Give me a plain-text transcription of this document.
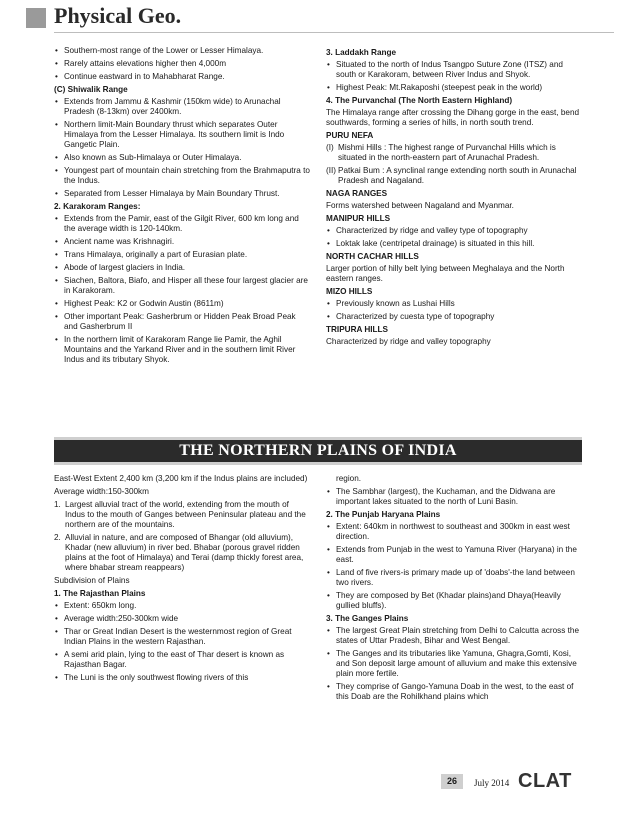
Physical Geo.
• Southern-most range of the Lower or Lesser Himalaya.
• Rarely attains elevations higher then 4,000m
• Continue eastward in to Mahabharat Range.
(C) Shiwalik Range
• Extends from Jammu & Kashmir (150km wide) to Arunachal Pradesh (8-13km) over 2400km.
• Northern limit-Main Boundary thrust which separates Outer Himalaya from the Lesser Himalaya. Its southern limit is Indo Gangetic Plain.
• Also known as Sub-Himalaya or Outer Himalaya.
• Youngest part of mountain chain stretching from the Brahmaputra to the Indus.
• Separated from Lesser Himalaya by Main Boundary Thrust.
2. Karakoram Ranges:
• Extends from the Pamir, east of the Gilgit River, 600 km long and the average width is 120-140km.
• Ancient name was Krishnagiri.
• Trans Himalaya, originally a part of Eurasian plate.
• Abode of largest glaciers in India.
• Siachen, Baltora, Biafo, and Hisper all these four largest glacier are in Karakoram.
• Highest Peak: K2 or Godwin Austin (8611m)
• Other important Peak: Gasherbrum or Hidden Peak Broad Peak and Gasherbrum II
• In the northern limit of Karakoram Range lie Pamir, the Aghil Mountains and the Yarkand River and in the southern limit River Indus and its tributary Shyok.
3. Laddakh Range
• Situated to the north of Indus Tsangpo Suture Zone (ITSZ) and south or Karakoram, between River Indus and Shyok.
• Highest Peak: Mt.Rakaposhi (steepest peak in the world)
4. The Purvanchal (The North Eastern Highland)
The Himalaya range after crossing the Dihang gorge in the east, bend southwards, forming a series of hills, in north south trend.
PURU NEFA
(I) Mishmi Hills : The highest range of Purvanchal Hills which is situated in the north-eastern part of Arunachal Pradesh.
(II) Patkai Bum : A synclinal range extending north south in Arunachal Pradesh and Nagaland.
NAGA RANGES
Forms watershed between Nagaland and Myanmar.
MANIPUR HILLS
• Characterized by ridge and valley type of topography
• Loktak lake (centripetal drainage) is situated in this hill.
NORTH CACHAR HILLS
Larger portion of hilly belt lying between Meghalaya and the North eastern ranges.
MIZO HILLS
• Previously known as Lushai Hills
• Characterized by cuesta type of topography
TRIPURA HILLS
Characterized by ridge and valley topography
THE NORTHERN PLAINS OF INDIA
East-West Extent 2,400 km (3,200 km if the Indus plains are included)
Average width:150-300km
1. Largest alluvial tract of the world, extending from the mouth of Indus to the mouth of Ganges between Peninsular plateau and the northern are of the mountains.
2. Alluvial in nature, and are composed of Bhangar (old alluvium), Khadar (new alluvium) in river bed. Bhabar (porous gravel ridden plains at the foot of Himalaya) and Terai (damp thickly forest area, where bhabar stream reappears)
Subdivision of Plains
1. The Rajasthan Plains
• Extent: 650km long.
• Average width:250-300km wide
• Thar or Great Indian Desert is the westernmost region of Great Indian Plains in the western Rajasthan.
• A semi arid plain, lying to the east of Thar desert is known as Rajasthan Bagar.
• The Luni is the only southwest flowing rivers of this
region.
• The Sambhar (largest), the Kuchaman, and the Didwana are important lakes situated to the north of Luni Basin.
2. The Punjab Haryana Plains
• Extent: 640km in northwest to southeast and 300km in east west direction.
• Extends from Punjab in the west to Yamuna River (Haryana) in the east.
• Land of five rivers-is primary made up of 'doabs'-the land between two rivers.
• They are composed by Bet (Khadar plains)and Dhaya(Heavily gullied bluffs).
3. The Ganges Plains
• The largest Great Plain stretching from Delhi to Calcutta across the states of Uttar Pradesh, Bihar and West Bengal.
• The Ganges and its tributaries like Yamuna, Ghagra,Gomti, Kosi, and Son deposit large amount of alluvium and make this extensive plain more fertile.
• They comprise of Gango-Yamuna Doab in the west, to the east of this Doab are the Rohilkhand plains which
26	July 2014 CLAT
